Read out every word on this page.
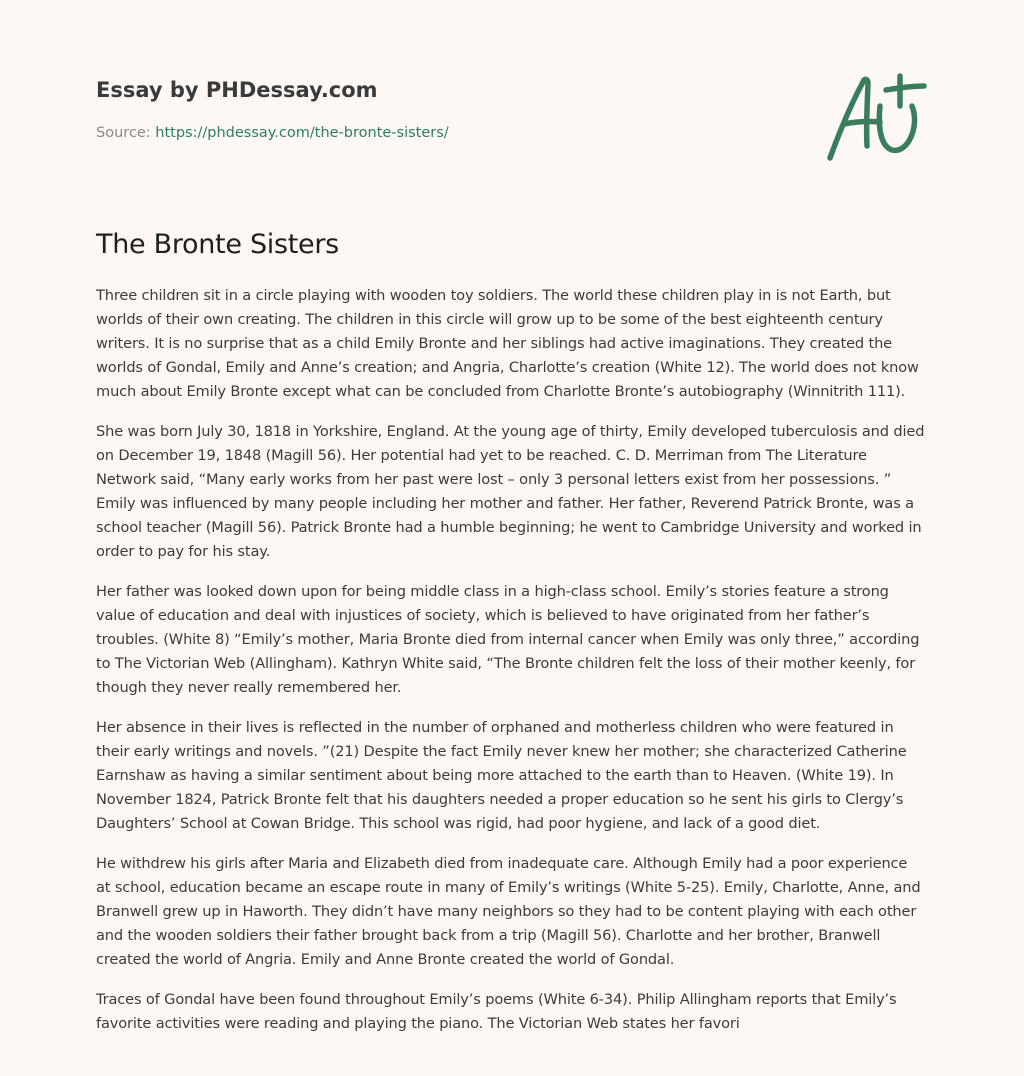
Essay by PHDessay.com
Source: https://phdessay.com/the-bronte-sisters/
The Bronte Sisters

Three children sit in a circle playing with wooden toy soldiers. The world these children play in is not Earth, but worlds of their own creating. The children in this circle will grow up to be some of the best eighteenth century writers. It is no surprise that as a child Emily Bronte and her siblings had active imaginations. They created the worlds of Gondal, Emily and Anne’s creation; and Angria, Charlotte’s creation (White 12). The world does not know much about Emily Bronte except what can be concluded from Charlotte Bronte’s autobiography (Winnitrith 111).

She was born July 30, 1818 in Yorkshire, England. At the young age of thirty, Emily developed tuberculosis and died on December 19, 1848 (Magill 56). Her potential had yet to be reached. C. D. Merriman from The Literature Network said, “Many early works from her past were lost – only 3 personal letters exist from her possessions. ” Emily was influenced by many people including her mother and father. Her father, Reverend Patrick Bronte, was a school teacher (Magill 56). Patrick Bronte had a humble beginning; he went to Cambridge University and worked in order to pay for his stay.

Her father was looked down upon for being middle class in a high-class school. Emily’s stories feature a strong value of education and deal with injustices of society, which is believed to have originated from her father’s troubles. (White 8) “Emily’s mother, Maria Bronte died from internal cancer when Emily was only three,” according to The Victorian Web (Allingham). Kathryn White said, “The Bronte children felt the loss of their mother keenly, for though they never really remembered her.

Her absence in their lives is reflected in the number of orphaned and motherless children who were featured in their early writings and novels. ”(21) Despite the fact Emily never knew her mother; she characterized Catherine Earnshaw as having a similar sentiment about being more attached to the earth than to Heaven. (White 19). In November 1824, Patrick Bronte felt that his daughters needed a proper education so he sent his girls to Clergy’s Daughters’ School at Cowan Bridge. This school was rigid, had poor hygiene, and lack of a good diet.

He withdrew his girls after Maria and Elizabeth died from inadequate care. Although Emily had a poor experience at school, education became an escape route in many of Emily’s writings (White 5-25). Emily, Charlotte, Anne, and Branwell grew up in Haworth. They didn’t have many neighbors so they had to be content playing with each other and the wooden soldiers their father brought back from a trip (Magill 56). Charlotte and her brother, Branwell created the world of Angria. Emily and Anne Bronte created the world of Gondal.

Traces of Gondal have been found throughout Emily’s poems (White 6-34). Philip Allingham reports that Emily’s favorite activities were reading and playing the piano. The Victorian Web states her favori
